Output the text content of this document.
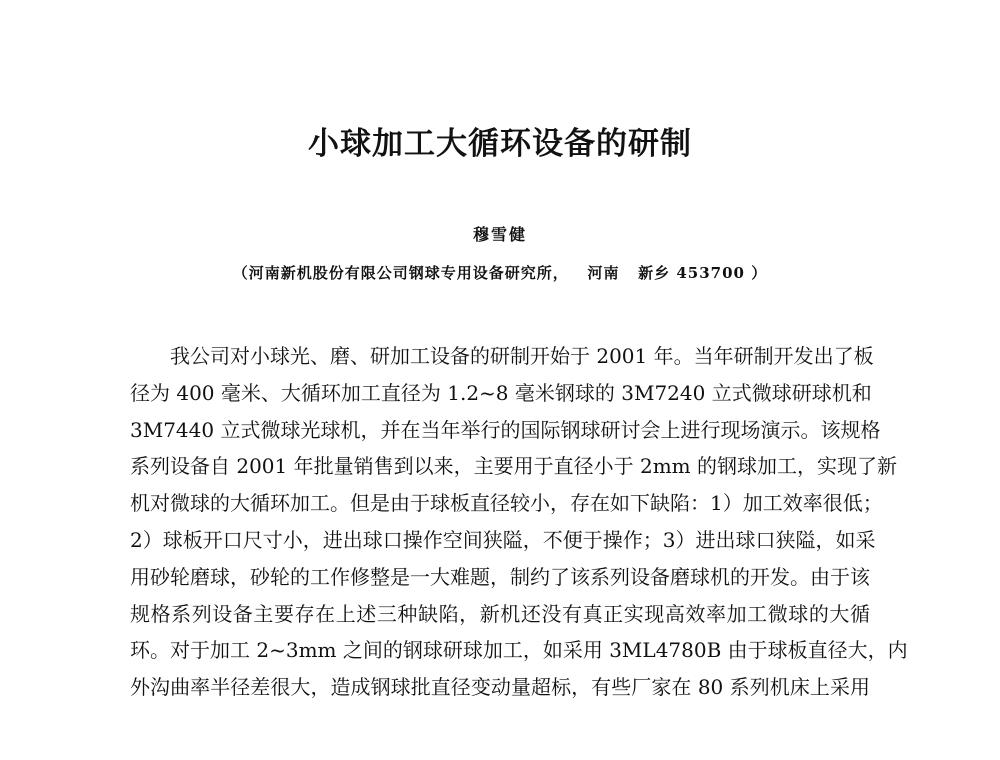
小球加工大循环设备的研制
穆雪健
（河南新机股份有限公司钢球专用设备研究所，   河南   新乡 453700 ）
我公司对小球光、磨、研加工设备的研制开始于 2001 年。当年研制开发出了板
径为 400 毫米、大循环加工直径为 1.2~8 毫米钢球的 3M7240 立式微球研球机和
3M7440 立式微球光球机，并在当年举行的国际钢球研讨会上进行现场演示。该规格
系列设备自 2001 年批量销售到以来，主要用于直径小于 2mm 的钢球加工，实现了新
机对微球的大循环加工。但是由于球板直径较小，存在如下缺陷：1）加工效率很低；
2）球板开口尺寸小，进出球口操作空间狭隘，不便于操作；3）进出球口狭隘，如采
用砂轮磨球，砂轮的工作修整是一大难题，制约了该系列设备磨球机的开发。由于该
规格系列设备主要存在上述三种缺陷，新机还没有真正实现高效率加工微球的大循
环。对于加工 2~3mm 之间的钢球研球加工，如采用 3ML4780B 由于球板直径大，内
外沟曲率半径差很大，造成钢球批直径变动量超标，有些厂家在 80 系列机床上采用
